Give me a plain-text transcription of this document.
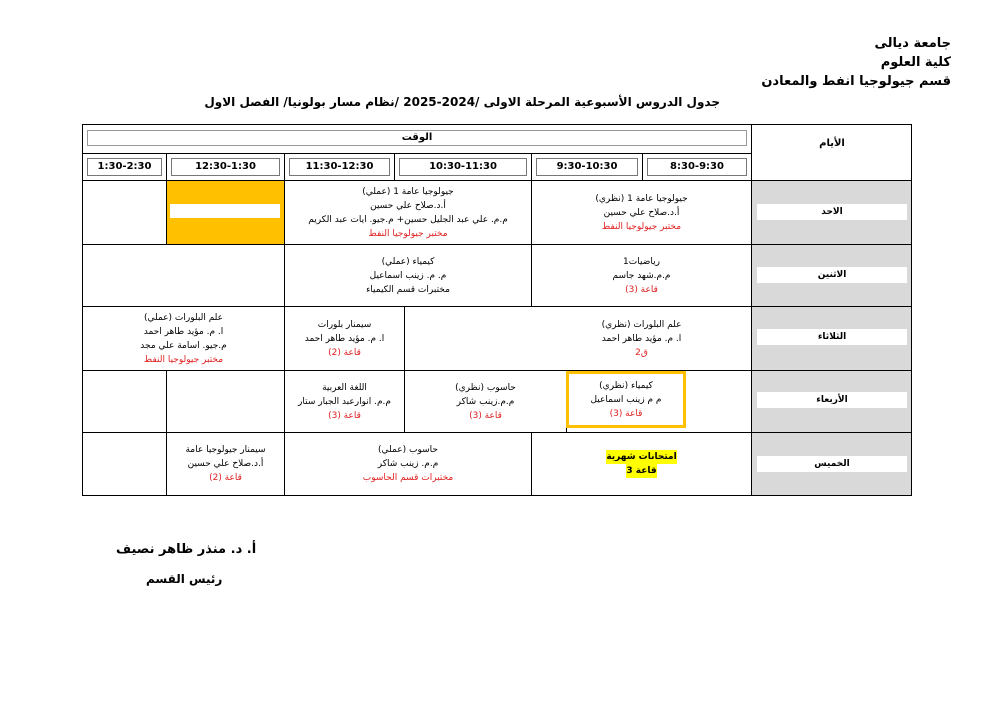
جامعة ديالى
كلية العلوم
قسم جيولوجيا انفط والمعادن
جدول الدروس الأسبوعية المرحلة الاولى /2024-2025 /نظام مسار بولونيا/ الفصل الاول
الأيام
الوقت
8:30-9:30
9:30-10:30
10:30-11:30
11:30-12:30
12:30-1:30
1:30-2:30
الاحد
الاثنين
الثلاثاء
الأربعاء
الخميس
جيولوجيا عامة 1 (نظري)
أ.د.صلاح علي حسين
مختبر جيولوجيا النفط
جيولوجيا عامة 1 (عملي)
أ.د.صلاح علي حسين
م.م. علي عبد الجليل حسين+ م.جيو. ايات عبد الكريم
مختبر جيولوجيا النفط
رياضيات1
م.م.شهد جاسم
قاعة (3)
كيمياء (عملي)
م. م. زينب اسماعيل
مختبرات قسم الكيمياء
علم البلورات (نظري)
ا. م. مؤيد طاهر احمد
ق2
سيمنار بلورات
ا. م. مؤيد طاهر احمد
قاعة (2)
علم البلورات (عملي)
ا. م. مؤيد طاهر احمد
م.جيو. اسامة علي مجد
مختبر جيولوجيا النفط
كيمياء (نظري)
م م زينب اسماعيل
قاعة (3)
حاسوب (نظري)
م.م.زينب شاكر
قاعة (3)
اللغة العربية
م.م. انوارعبد الجبار ستار
قاعة (3)
امتحانات شهرية
قاعة 3
حاسوب (عملي)
م.م. زينب شاكر
مختبرات قسم الحاسوب
سيمنار جيولوجيا عامة
أ.د.صلاح علي حسين
قاعة (2)
أ. د. منذر ظاهر نصيف
رئيس القسم
